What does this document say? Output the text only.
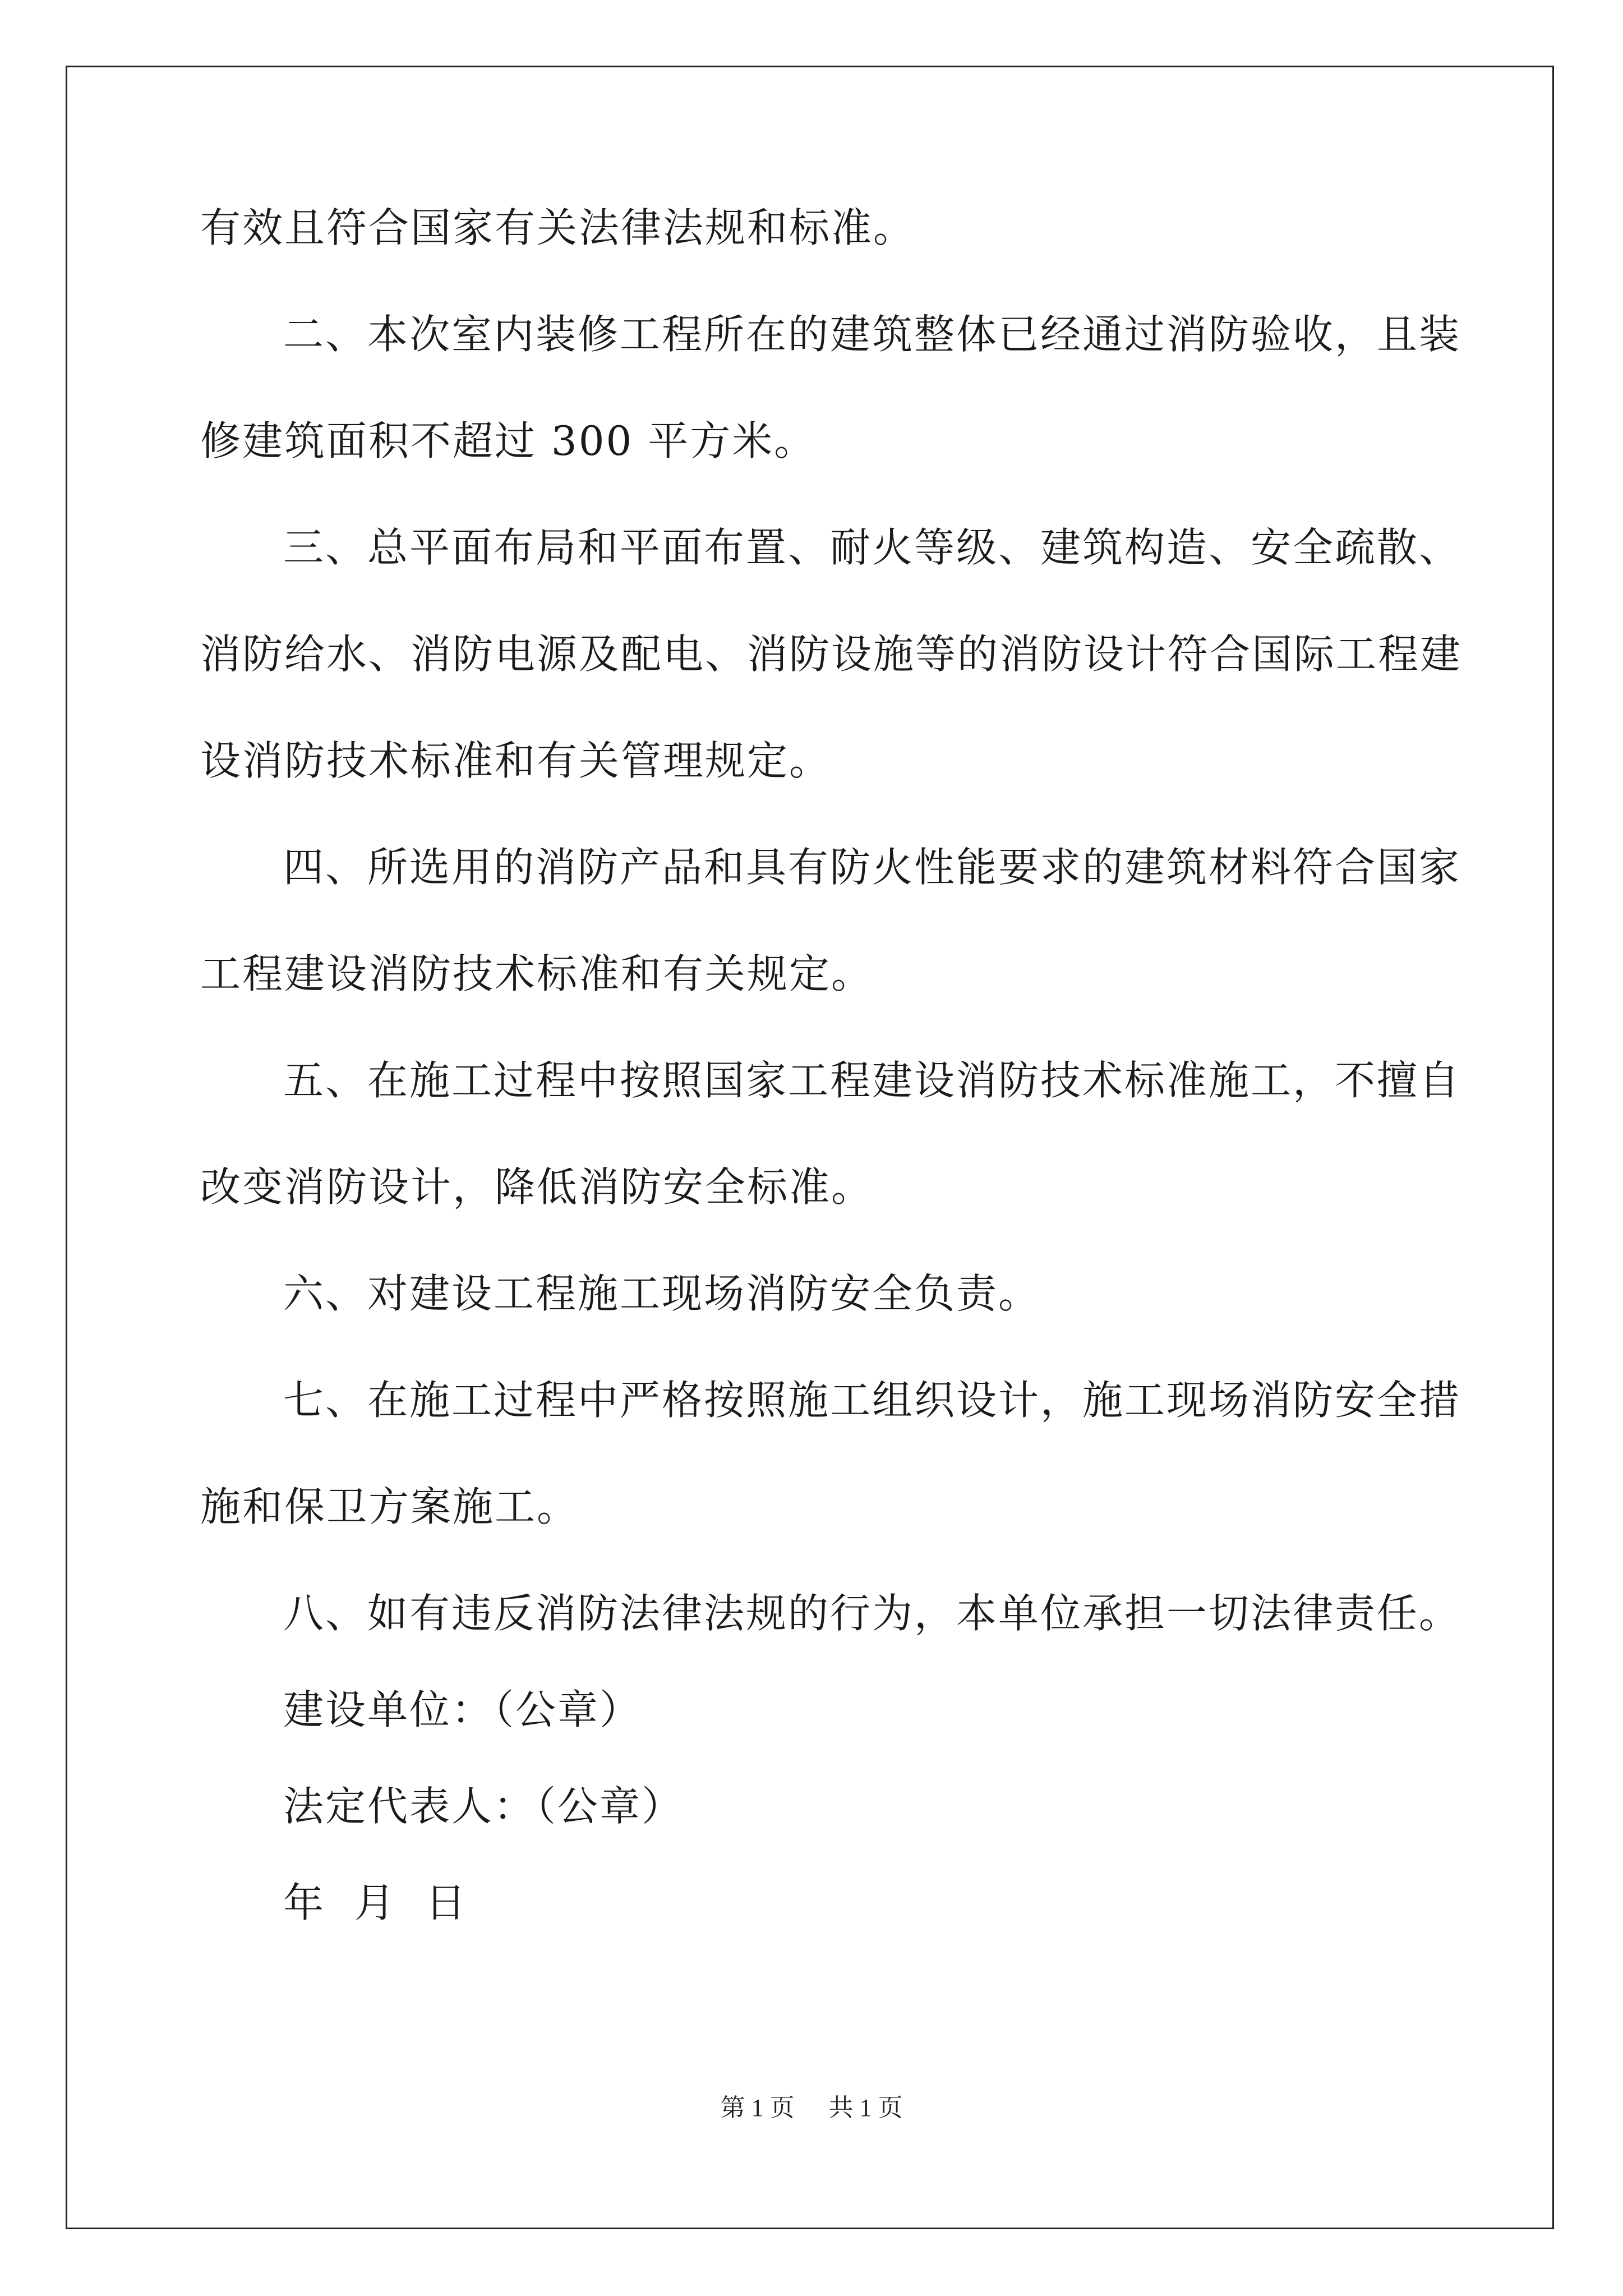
有效且符合国家有关法律法规和标准。

二、本次室内装修工程所在的建筑整体已经通过消防验收，且装

修建筑面积不超过 300 平方米。

三、总平面布局和平面布置、耐火等级、建筑构造、安全疏散、

消防给水、消防电源及配电、消防设施等的消防设计符合国际工程建

设消防技术标准和有关管理规定。

四、所选用的消防产品和具有防火性能要求的建筑材料符合国家

工程建设消防技术标准和有关规定。

五、在施工过程中按照国家工程建设消防技术标准施工，不擅自

改变消防设计，降低消防安全标准。

六、对建设工程施工现场消防安全负责。

七、在施工过程中严格按照施工组织设计，施工现场消防安全措

施和保卫方案施工。

八、如有违反消防法律法规的行为，本单位承担一切法律责任。

建设单位：（公章）

法定代表人：（公章）

年  月  日

第 1 页 共 1 页
